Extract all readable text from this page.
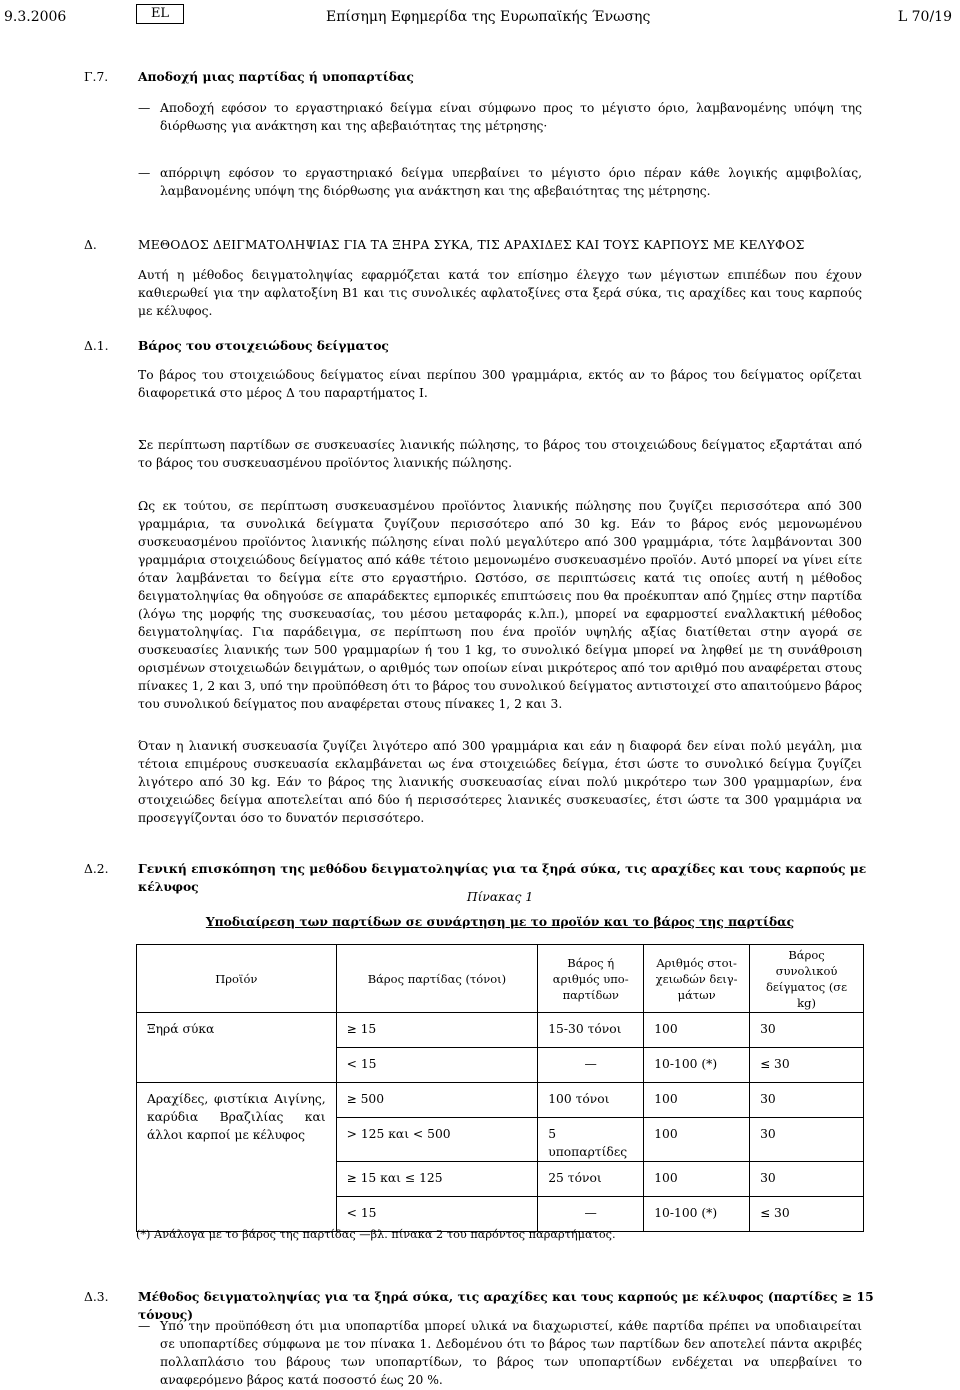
9.3.2006	EL	Επίσημη Εφημερίδα της Ευρωπαϊκής Ένωσης	L 70/19
Γ.7. Αποδοχή μιας παρτίδας ή υποπαρτίδας
— Αποδοχή εφόσον το εργαστηριακό δείγμα είναι σύμφωνο προς το μέγιστο όριο, λαμβανομένης υπόψη της διόρθωσης για ανάκτηση και της αβεβαιότητας της μέτρησης·
— απόρριψη εφόσον το εργαστηριακό δείγμα υπερβαίνει το μέγιστο όριο πέραν κάθε λογικής αμφιβολίας, λαμβανομένης υπόψη της διόρθωσης για ανάκτηση και της αβεβαιότητας της μέτρησης.
Δ.	ΜΕΘΟΔΟΣ ΔΕΙΓΜΑΤΟΛΗΨΙΑΣ ΓΙΑ ΤΑ ΞΗΡΑ ΣΥΚΑ, ΤΙΣ ΑΡΑΧΙΔΕΣ ΚΑΙ ΤΟΥΣ ΚΑΡΠΟΥΣ ΜΕ ΚΕΛΥΦΟΣ
Αυτή η μέθοδος δειγματοληψίας εφαρμόζεται κατά τον επίσημο έλεγχο των μέγιστων επιπέδων που έχουν καθιερωθεί για την αφλατοξίνη B1 και τις συνολικές αφλατοξίνες στα ξερά σύκα, τις αραχίδες και τους καρπούς με κέλυφος.
Δ.1. Βάρος του στοιχειώδους δείγματος
Το βάρος του στοιχειώδους δείγματος είναι περίπου 300 γραμμάρια, εκτός αν το βάρος του δείγματος ορίζεται διαφορετικά στο μέρος Δ του παραρτήματος Ι.
Σε περίπτωση παρτίδων σε συσκευασίες λιανικής πώλησης, το βάρος του στοιχειώδους δείγματος εξαρτάται από το βάρος του συσκευασμένου προϊόντος λιανικής πώλησης.
Ως εκ τούτου, σε περίπτωση συσκευασμένου προϊόντος λιανικής πώλησης που ζυγίζει περισσότερα από 300 γραμμάρια, τα συνολικά δείγματα ζυγίζουν περισσότερο από 30 kg. Εάν το βάρος ενός μεμονωμένου συσκευασμένου προϊόντος λιανικής πώλησης είναι πολύ μεγαλύτερο από 300 γραμμάρια, τότε λαμβάνονται 300 γραμμάρια στοιχειώδους δείγματος από κάθε τέτοιο μεμονωμένο συσκευασμένο προϊόν. Αυτό μπορεί να γίνει είτε όταν λαμβάνεται το δείγμα είτε στο εργαστήριο. Ωστόσο, σε περιπτώσεις κατά τις οποίες αυτή η μέθοδος δειγματοληψίας θα οδηγούσε σε απαράδεκτες εμπορικές επιπτώσεις που θα προέκυπταν από ζημίες στην παρτίδα (λόγω της μορφής της συσκευασίας, του μέσου μεταφοράς κ.λπ.), μπορεί να εφαρμοστεί εναλλακτική μέθοδος δειγματοληψίας. Για παράδειγμα, σε περίπτωση που ένα προϊόν υψηλής αξίας διατίθεται στην αγορά σε συσκευασίες λιανικής των 500 γραμμαρίων ή του 1 kg, το συνολικό δείγμα μπορεί να ληφθεί με τη συνάθροιση ορισμένων στοιχειωδών δειγμάτων, ο αριθμός των οποίων είναι μικρότερος από τον αριθμό που αναφέρεται στους πίνακες 1, 2 και 3, υπό την προϋπόθεση ότι το βάρος του συνολικού δείγματος αντιστοιχεί στο απαιτούμενο βάρος του συνολικού δείγματος που αναφέρεται στους πίνακες 1, 2 και 3.
Όταν η λιανική συσκευασία ζυγίζει λιγότερο από 300 γραμμάρια και εάν η διαφορά δεν είναι πολύ μεγάλη, μια τέτοια επιμέρους συσκευασία εκλαμβάνεται ως ένα στοιχειώδες δείγμα, έτσι ώστε το συνολικό δείγμα ζυγίζει λιγότερο από 30 kg. Εάν το βάρος της λιανικής συσκευασίας είναι πολύ μικρότερο των 300 γραμμαρίων, ένα στοιχειώδες δείγμα αποτελείται από δύο ή περισσότερες λιανικές συσκευασίες, έτσι ώστε τα 300 γραμμάρια να προσεγγίζονται όσο το δυνατόν περισσότερο.
Δ.2. Γενική επισκόπηση της μεθόδου δειγματοληψίας για τα ξηρά σύκα, τις αραχίδες και τους καρπούς με κέλυφος
Πίνακας 1
Υποδιαίρεση των παρτίδων σε συνάρτηση με το προϊόν και το βάρος της παρτίδας
Προϊόν	Βάρος παρτίδας (τόνοι)	Βάρος ή αριθμός υπο-παρτίδων	Αριθμός στοι-χειωδών δειγ-μάτων	Βάρος συνολικού δείγματος (σε kg)
Ξηρά σύκα	≥ 15	15-30 τόνοι	100	30
	< 15	—	10-100 (*)	≤ 30
Αραχίδες, φιστίκια Αιγίνης, καρύδια Βραζιλίας και άλλοι καρποί με κέλυφος	≥ 500	100 τόνοι	100	30
	> 125 και < 500	5 υποπαρτίδες	100	30
	≥ 15 και ≤ 125	25 τόνοι	100	30
	< 15	—	10-100 (*)	≤ 30
(*) Ανάλογα με το βάρος της παρτίδας —βλ. πίνακα 2 του παρόντος παραρτήματος.
Δ.3. Μέθοδος δειγματοληψίας για τα ξηρά σύκα, τις αραχίδες και τους καρπούς με κέλυφος (παρτίδες ≥ 15 τόνους)
— Υπό την προϋπόθεση ότι μια υποπαρτίδα μπορεί υλικά να διαχωριστεί, κάθε παρτίδα πρέπει να υποδιαιρείται σε υποπαρτίδες σύμφωνα με τον πίνακα 1. Δεδομένου ότι το βάρος των παρτίδων δεν αποτελεί πάντα ακριβές πολλαπλάσιο του βάρους των υποπαρτίδων, το βάρος των υποπαρτίδων ενδέχεται να υπερβαίνει το αναφερόμενο βάρος κατά ποσοστό έως 20 %.
